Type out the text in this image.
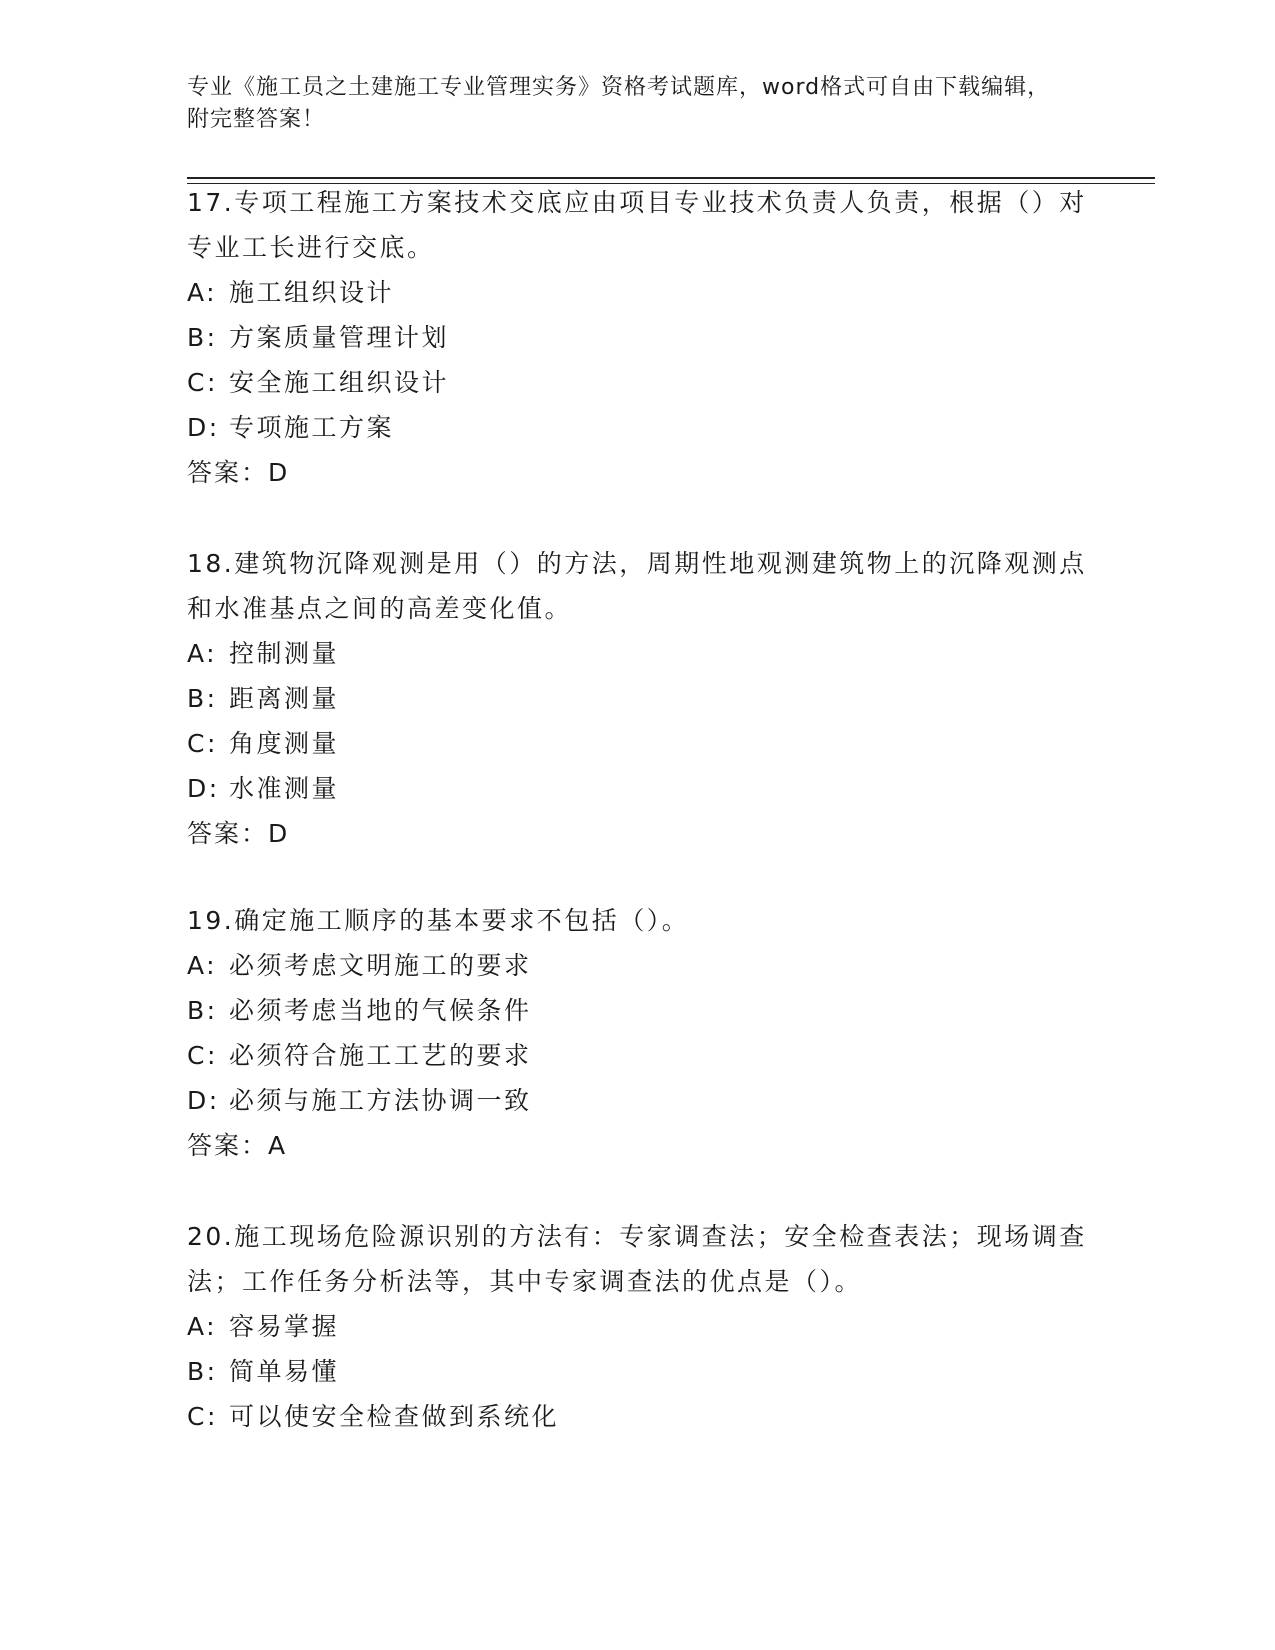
专业《施工员之土建施工专业管理实务》资格考试题库，word格式可自由下载编辑，附完整答案！

17.专项工程施工方案技术交底应由项目专业技术负责人负责，根据（）对专业工长进行交底。

A: 施工组织设计

B: 方案质量管理计划

C: 安全施工组织设计

D: 专项施工方案

答案：D

18.建筑物沉降观测是用（）的方法，周期性地观测建筑物上的沉降观测点和水准基点之间的高差变化值。

A: 控制测量

B: 距离测量

C: 角度测量

D: 水准测量

答案：D

19.确定施工顺序的基本要求不包括（）。

A: 必须考虑文明施工的要求

B: 必须考虑当地的气候条件

C: 必须符合施工工艺的要求

D: 必须与施工方法协调一致

答案：A

20.施工现场危险源识别的方法有：专家调查法；安全检查表法；现场调查法；工作任务分析法等，其中专家调查法的优点是（）。

A: 容易掌握

B: 简单易懂

C: 可以使安全检查做到系统化
